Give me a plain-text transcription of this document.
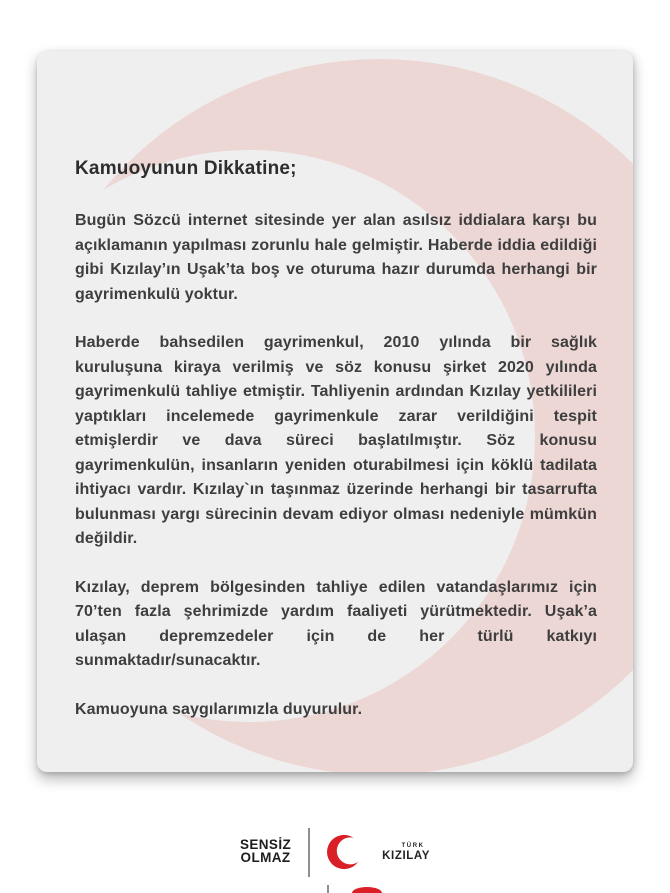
Kamuoyunun Dikkatine;

Bugün Sözcü internet sitesinde yer alan asılsız iddialara karşı bu açıklamanın yapılması zorunlu hale gelmiştir. Haberde iddia edildiği gibi Kızılay’ın Uşak’ta boş ve oturuma hazır durumda herhangi bir gayrimenkulü yoktur.

Haberde bahsedilen gayrimenkul, 2010 yılında bir sağlık kuruluşuna kiraya verilmiş ve söz konusu şirket 2020 yılında gayrimenkulü tahliye etmiştir. Tahliyenin ardından Kızılay yetkilileri yaptıkları incelemede gayrimenkule zarar verildiğini tespit etmişlerdir ve dava süreci başlatılmıştır. Söz konusu gayrimenkulün, insanların yeniden oturabilmesi için köklü tadilata ihtiyacı vardır. Kızılay`ın taşınmaz üzerinde herhangi bir tasarrufta bulunması yargı sürecinin devam ediyor olması nedeniyle mümkün değildir.

Kızılay, deprem bölgesinden tahliye edilen vatandaşlarımız için 70’ten fazla şehrimizde yardım faaliyeti yürütmektedir. Uşak’a ulaşan depremzedeler için de her türlü katkıyı sunmaktadır/sunacaktır.

Kamuoyuna saygılarımızla duyurulur.

SENSİZ
OLMAZ
TÜRK
KIZILAY
